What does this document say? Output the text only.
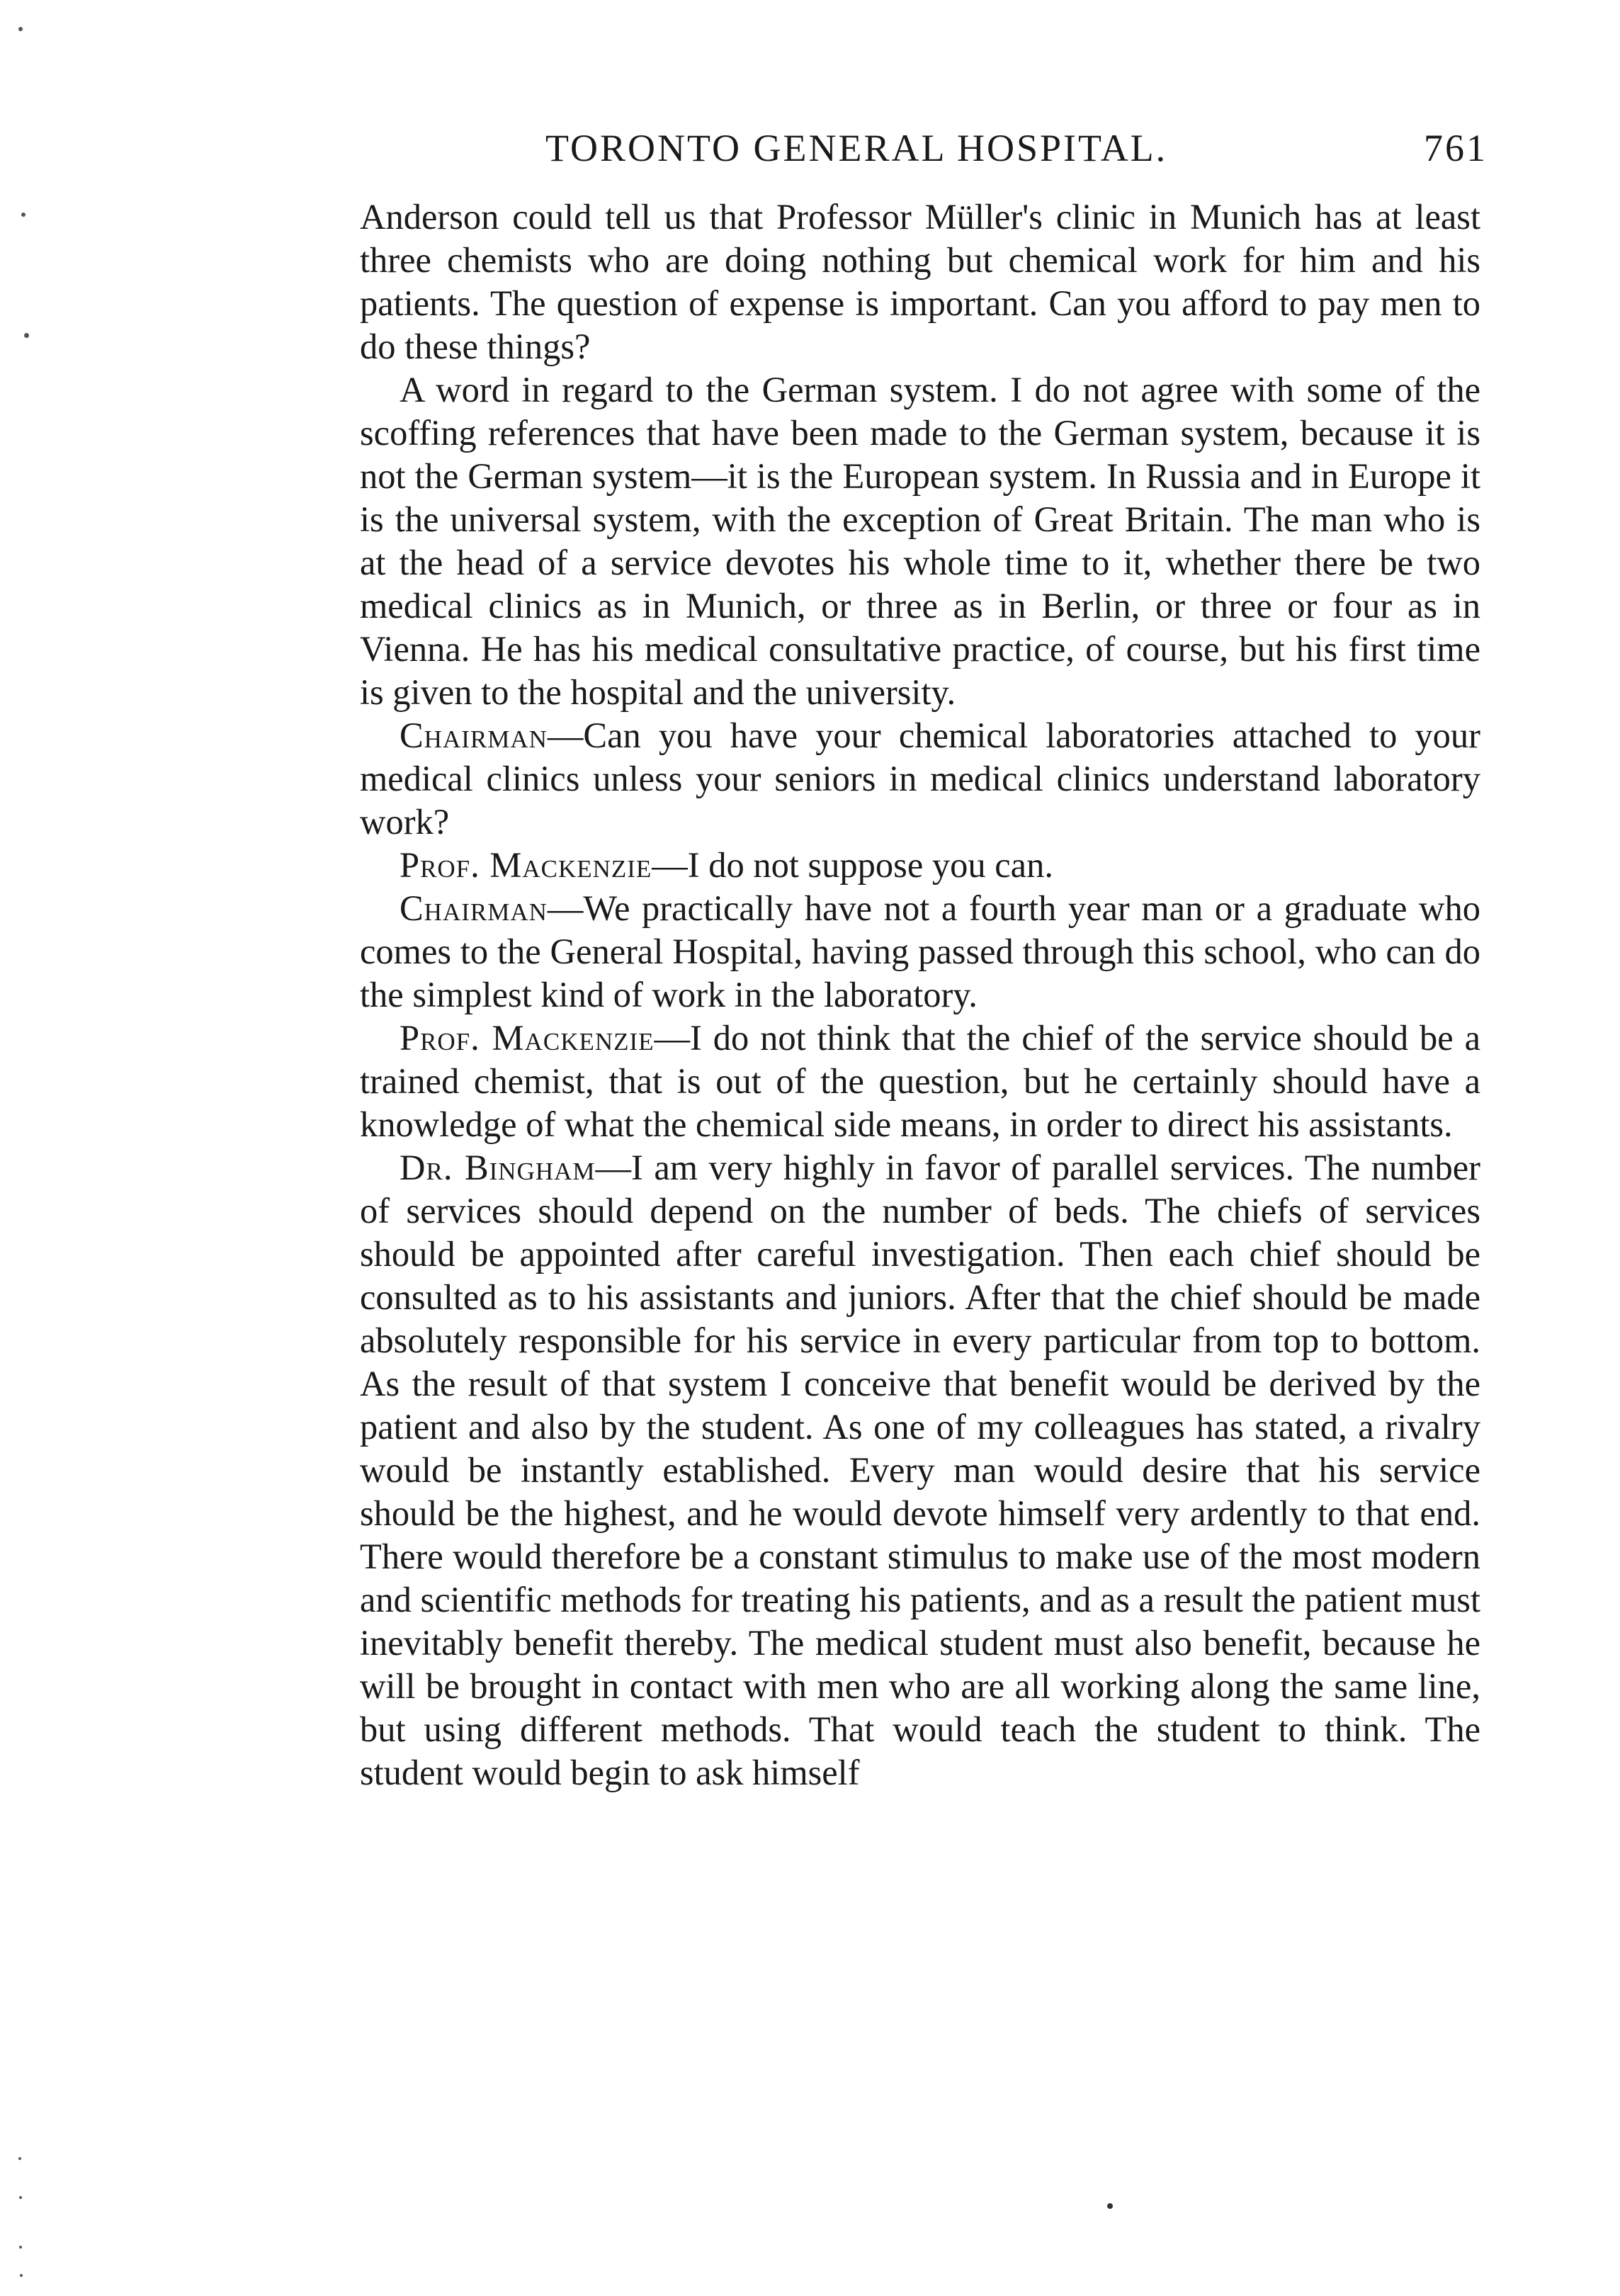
TORONTO GENERAL HOSPITAL.	761

Anderson could tell us that Professor Müller's clinic in Munich has at least three chemists who are doing nothing but chemical work for him and his patients. The question of expense is important. Can you afford to pay men to do these things?

A word in regard to the German system. I do not agree with some of the scoffing references that have been made to the German system, because it is not the German system—it is the European system. In Russia and in Europe it is the universal system, with the exception of Great Britain. The man who is at the head of a service devotes his whole time to it, whether there be two medical clinics as in Munich, or three as in Berlin, or three or four as in Vienna. He has his medical consultative practice, of course, but his first time is given to the hospital and the university.

Chairman—Can you have your chemical laboratories attached to your medical clinics unless your seniors in medical clinics understand laboratory work?

Prof. Mackenzie—I do not suppose you can.

Chairman—We practically have not a fourth year man or a graduate who comes to the General Hospital, having passed through this school, who can do the simplest kind of work in the laboratory.

Prof. Mackenzie—I do not think that the chief of the service should be a trained chemist, that is out of the question, but he certainly should have a knowledge of what the chemical side means, in order to direct his assistants.

Dr. Bingham—I am very highly in favor of parallel services. The number of services should depend on the number of beds. The chiefs of services should be appointed after careful investigation. Then each chief should be consulted as to his assistants and juniors. After that the chief should be made absolutely responsible for his service in every particular from top to bottom. As the result of that system I conceive that benefit would be derived by the patient and also by the student. As one of my colleagues has stated, a rivalry would be instantly established. Every man would desire that his service should be the highest, and he would devote himself very ardently to that end. There would therefore be a constant stimulus to make use of the most modern and scientific methods for treating his patients, and as a result the patient must inevitably benefit thereby. The medical student must also benefit, because he will be brought in contact with men who are all working along the same line, but using different methods. That would teach the student to think. The student would begin to ask himself
